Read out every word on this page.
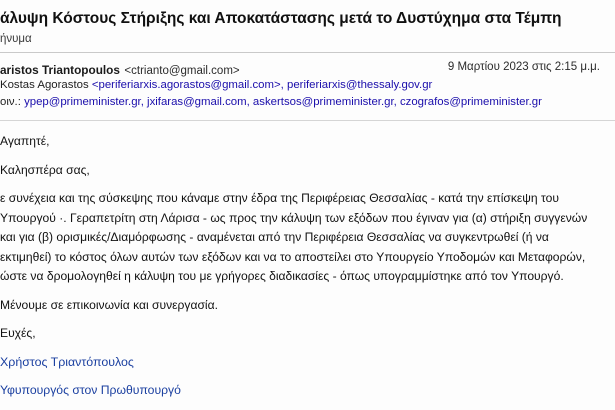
άλυψη Κόστους Στήριξης και Αποκατάστασης μετά το Δυστύχημα στα Τέμπη
ήνυμα
aristos Triantopoulos <ctrianto@gmail.com>	9 Μαρτίου 2023 στις 2:15 μ.μ.
Kostas Agorastos <periferiarxis.agorastos@gmail.com>, periferiarxis@thessaly.gov.gr
οιν.: ypep@primeminister.gr, jxifaras@gmail.com, askertsos@primeminister.gr, czografos@primeminister.gr

Αγαπητέ,

Καλησπέρα σας,

ε συνέχεια και της σύσκεψης που κάναμε στην έδρα της Περιφέρειας Θεσσαλίας - κατά την επίσκεψη του Υπουργού ·. Γεραπετρίτη στη Λάρισα - ως προς την κάλυψη των εξόδων που έγιναν για (α) στήριξη συγγενών και για (β) ορισμικές/Διαμόρφωσης - αναμένεται από την Περιφέρεια Θεσσαλίας να συγκεντρωθεί (ή να εκτιμηθεί) το κόστος όλων αυτών των εξόδων και να το αποστείλει στο Υπουργείο Υποδομών και Μεταφορών, ώστε να δρομολογηθεί η κάλυψη του με γρήγορες διαδικασίες - όπως υπογραμμίστηκε από τον Υπουργό.

Μένουμε σε επικοινωνία και συνεργασία.

Ευχές,

Χρήστος Τριαντόπουλος

Υφυπουργός στον Πρωθυπουργό
